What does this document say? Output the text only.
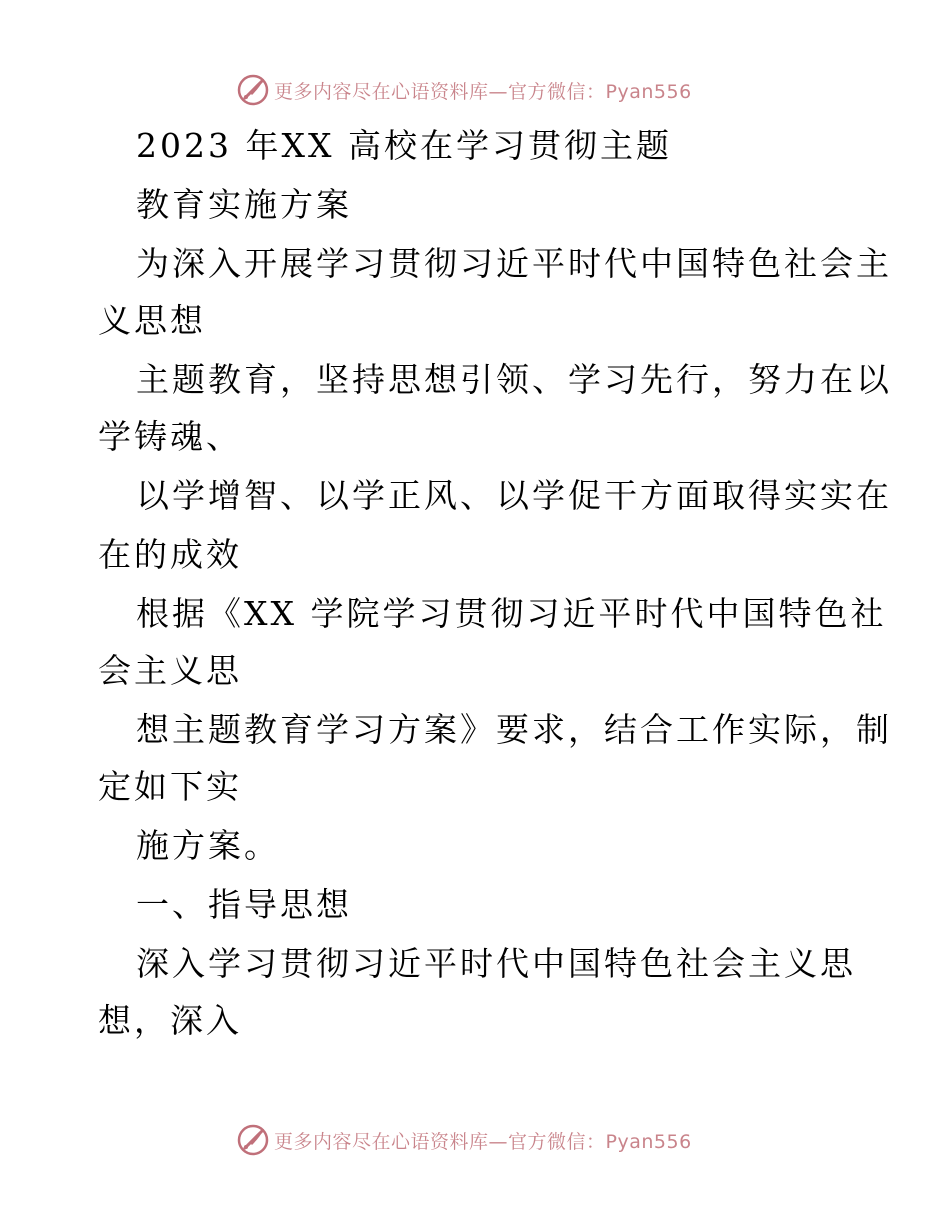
更多内容尽在心语资料库—官方微信：Pyan556
2023 年XX 高校在学习贯彻主题
教育实施方案
为深入开展学习贯彻习近平时代中国特色社会主
义思想
主题教育，坚持思想引领、学习先行，努力在以
学铸魂、
以学增智、以学正风、以学促干方面取得实实在
在的成效
根据《XX 学院学习贯彻习近平时代中国特色社
会主义思
想主题教育学习方案》要求，结合工作实际，制
定如下实
施方案。
一、指导思想
深入学习贯彻习近平时代中国特色社会主义思
想，深入
更多内容尽在心语资料库—官方微信：Pyan556
